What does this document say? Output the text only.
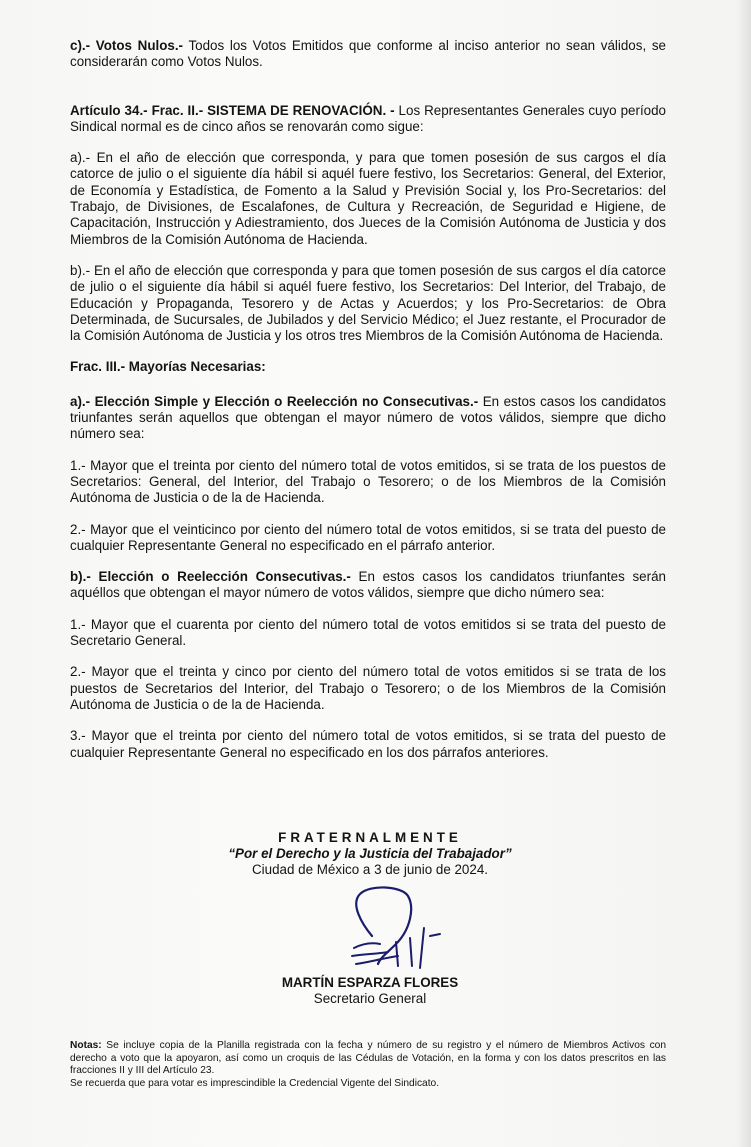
c).- Votos Nulos.- Todos los Votos Emitidos que conforme al inciso anterior no sean válidos, se considerarán como Votos Nulos.

Artículo 34.- Frac. II.- SISTEMA DE RENOVACIÓN. - Los Representantes Generales cuyo período Sindical normal es de cinco años se renovarán como sigue:

a).- En el año de elección que corresponda, y para que tomen posesión de sus cargos el día catorce de julio o el siguiente día hábil si aquél fuere festivo, los Secretarios: General, del Exterior, de Economía y Estadística, de Fomento a la Salud y Previsión Social y, los Pro-Secretarios: del Trabajo, de Divisiones, de Escalafones, de Cultura y Recreación, de Seguridad e Higiene, de Capacitación, Instrucción y Adiestramiento, dos Jueces de la Comisión Autónoma de Justicia y dos Miembros de la Comisión Autónoma de Hacienda.

b).- En el año de elección que corresponda y para que tomen posesión de sus cargos el día catorce de julio o el siguiente día hábil si aquél fuere festivo, los Secretarios: Del Interior, del Trabajo, de Educación y Propaganda, Tesorero y de Actas y Acuerdos; y los Pro-Secretarios: de Obra Determinada, de Sucursales, de Jubilados y del Servicio Médico; el Juez restante, el Procurador de la Comisión Autónoma de Justicia y los otros tres Miembros de la Comisión Autónoma de Hacienda.

Frac. III.- Mayorías Necesarias:

a).- Elección Simple y Elección o Reelección no Consecutivas.- En estos casos los candidatos triunfantes serán aquellos que obtengan el mayor número de votos válidos, siempre que dicho número sea:

1.- Mayor que el treinta por ciento del número total de votos emitidos, si se trata de los puestos de Secretarios: General, del Interior, del Trabajo o Tesorero; o de los Miembros de la Comisión Autónoma de Justicia o de la de Hacienda.

2.- Mayor que el veinticinco por ciento del número total de votos emitidos, si se trata del puesto de cualquier Representante General no especificado en el párrafo anterior.

b).- Elección o Reelección Consecutivas.- En estos casos los candidatos triunfantes serán aquéllos que obtengan el mayor número de votos válidos, siempre que dicho número sea:

1.- Mayor que el cuarenta por ciento del número total de votos emitidos si se trata del puesto de Secretario General.

2.- Mayor que el treinta y cinco por ciento del número total de votos emitidos si se trata de los puestos de Secretarios del Interior, del Trabajo o Tesorero; o de los Miembros de la Comisión Autónoma de Justicia o de la de Hacienda.

3.- Mayor que el treinta por ciento del número total de votos emitidos, si se trata del puesto de cualquier Representante General no especificado en los dos párrafos anteriores.

FRATERNALMENTE
“Por el Derecho y la Justicia del Trabajador”
Ciudad de México a 3 de junio de 2024.
MARTÍN ESPARZA FLORES
Secretario General

Notas: Se incluye copia de la Planilla registrada con la fecha y número de su registro y el número de Miembros Activos con derecho a voto que la apoyaron, así como un croquis de las Cédulas de Votación, en la forma y con los datos prescritos en las fracciones II y III del Artículo 23.

Se recuerda que para votar es imprescindible la Credencial Vigente del Sindicato.
